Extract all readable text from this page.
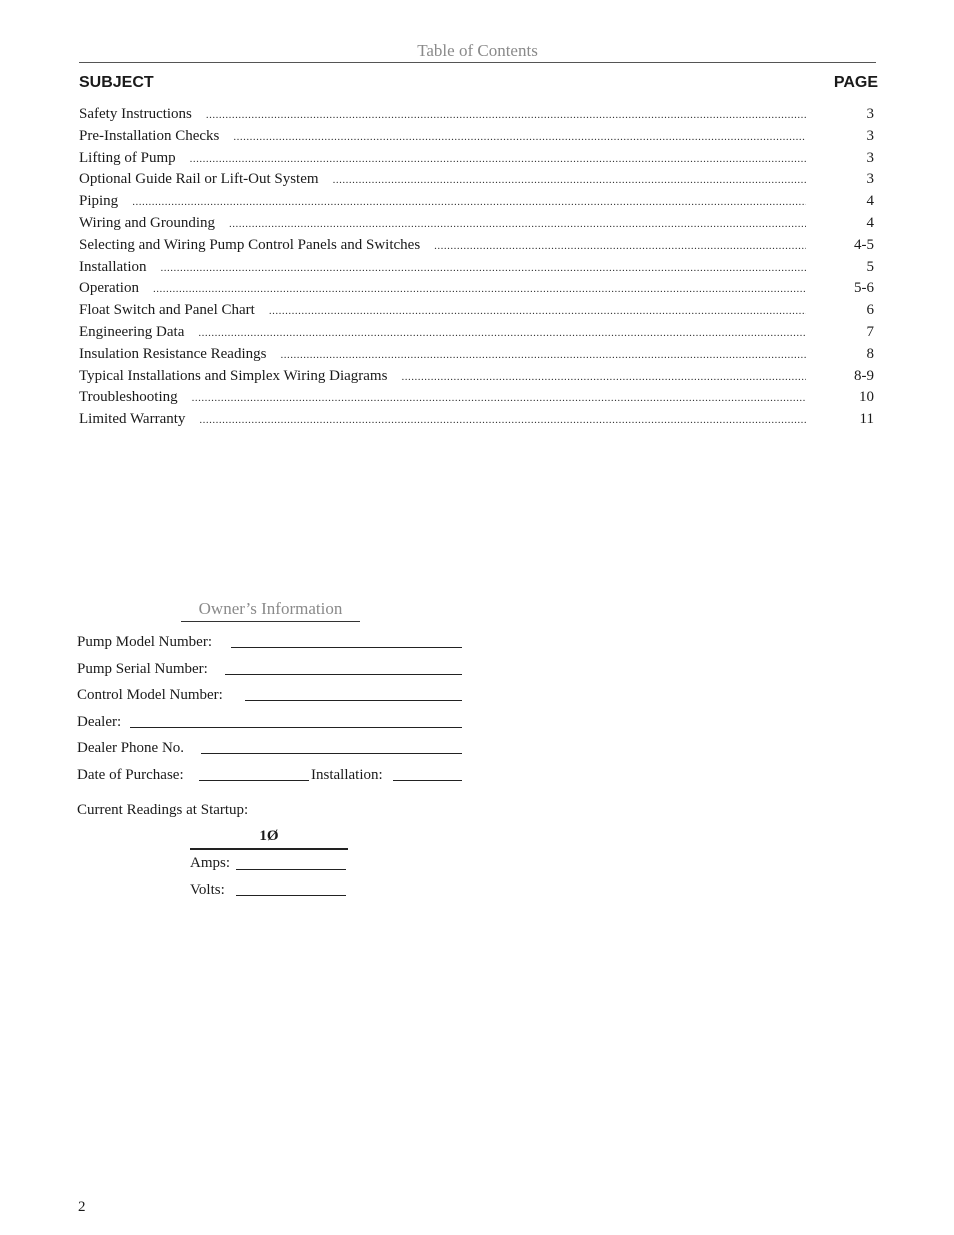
Table of Contents
SUBJECT	PAGE
Safety Instructions .....	3
Pre-Installation Checks .....	3
Lifting of Pump .....	3
Optional Guide Rail or Lift-Out System .....	3
Piping .....	4
Wiring and Grounding .....	4
Selecting and Wiring Pump Control Panels and Switches .....	4-5
Installation .....	5
Operation .....	5-6
Float Switch and Panel Chart .....	6
Engineering Data .....	7
Insulation Resistance Readings .....	8
Typical Installations and Simplex Wiring Diagrams .....	8-9
Troubleshooting .....	10
Limited Warranty .....	11
Owner’s Information
Pump Model Number:
Pump Serial Number:
Control Model Number:
Dealer:
Dealer Phone No.
Date of Purchase:	Installation:
Current Readings at Startup:
1Ø
Amps:
Volts:
2
